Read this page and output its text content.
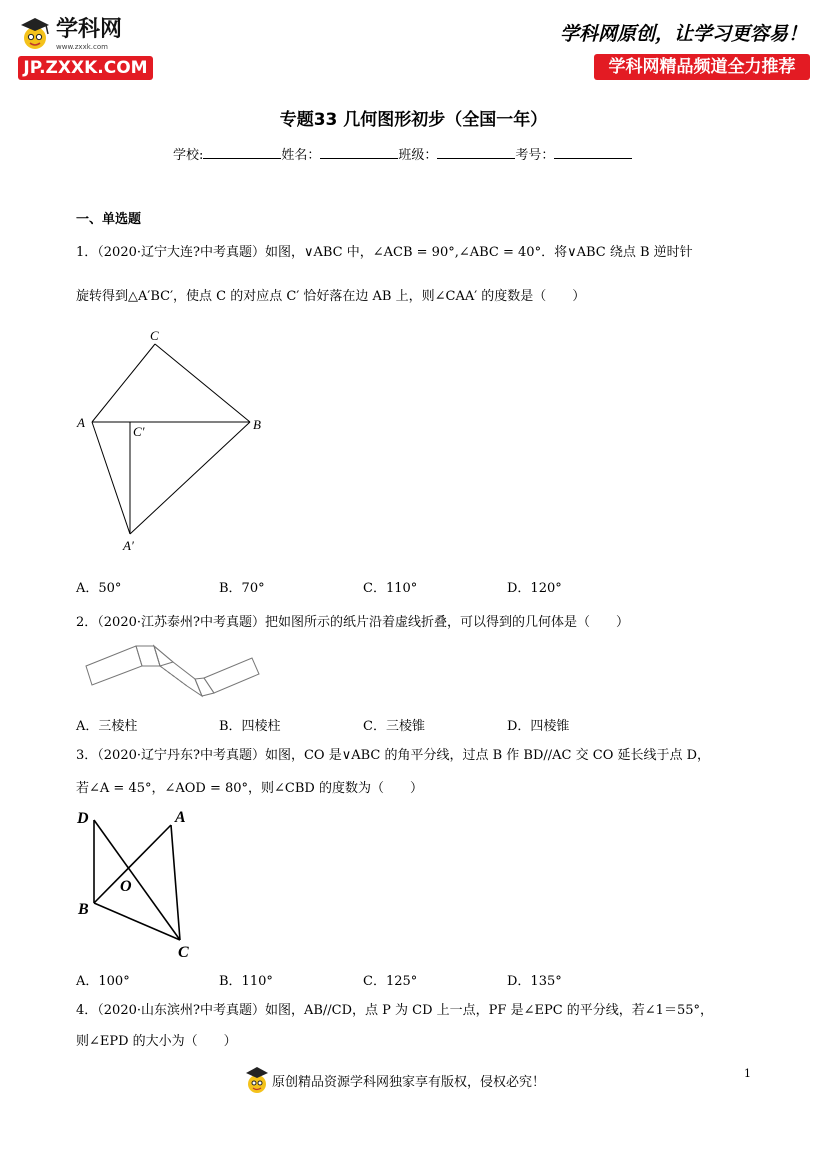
学科网
www.zxxk.com
JP.ZXXK.COM
学科网原创，让学习更容易！
学科网精品频道全力推荐
专题33 几何图形初步（全国一年）
学校:	姓名：	班级：	考号：
一、单选题
1．（2020·辽宁大连?中考真题）如图，∨ABC 中，∠ACB = 90°,∠ABC = 40°．将∨ABC 绕点 B 逆时针
旋转得到△A′BC′，使点 C 的对应点 C′ 恰好落在边 AB 上，则∠CAA′ 的度数是（　　）
C
A
C′	B
A′
A．50°	B．70°	C．110°	D．120°
2．（2020·江苏泰州?中考真题）把如图所示的纸片沿着虚线折叠，可以得到的几何体是（　　）
A．三棱柱	B．四棱柱	C．三棱锥	D．四棱锥
3．（2020·辽宁丹东?中考真题）如图，CO 是∨ABC 的角平分线，过点 B 作 BD//AC 交 CO 延长线于点 D，
若∠A = 45°，∠AOD = 80°，则∠CBD 的度数为（　　）
D	A
O
B
C
A．100°	B．110°	C．125°	D．135°
4．（2020·山东滨州?中考真题）如图，AB//CD，点 P 为 CD 上一点，PF 是∠EPC 的平分线，若∠1＝55°，
则∠EPD 的大小为（　　）
原创精品资源学科网独家享有版权，侵权必究！
1
